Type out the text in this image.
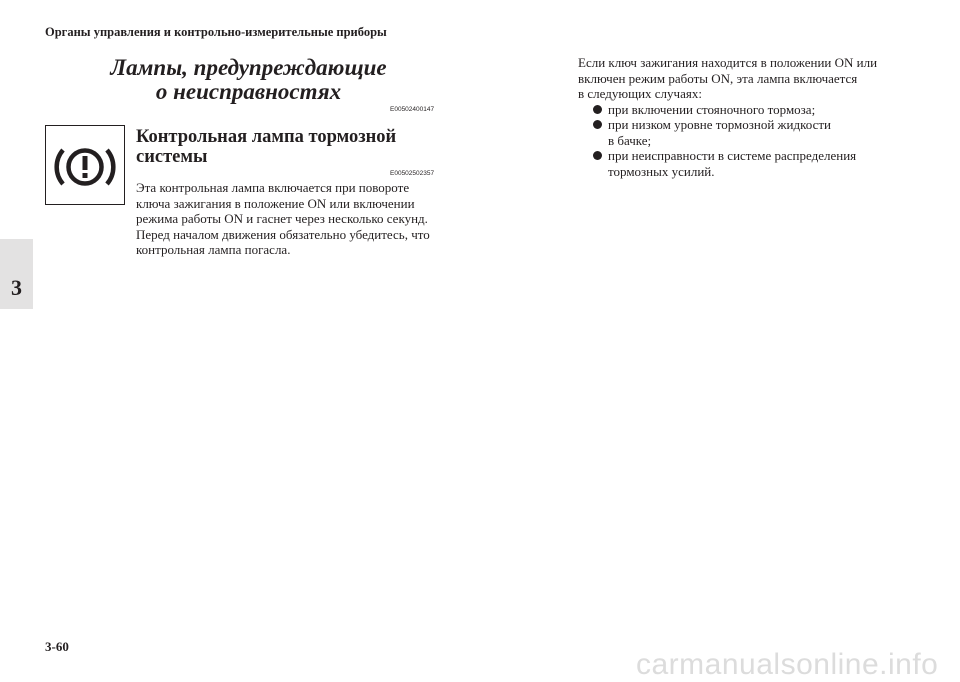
Органы управления и контрольно-измерительные приборы
3
Лампы, предупреждающие
о неисправностях
E00502400147
Контрольная лампа тормозной
системы
E00502502357
Эта контрольная лампа включается при повороте
ключа зажигания в положение ON или включении
режима работы ON и гаснет через несколько секунд.
Перед началом движения обязательно убедитесь, что
контрольная лампа погасла.
Если ключ зажигания находится в положении ON или
включен режим работы ON, эта лампа включается
в следующих случаях:
при включении стояночного тормоза;
при низком уровне тормозной жидкости
в бачке;
при неисправности в системе распределения
тормозных усилий.
3-60
carmanualsonline.info
